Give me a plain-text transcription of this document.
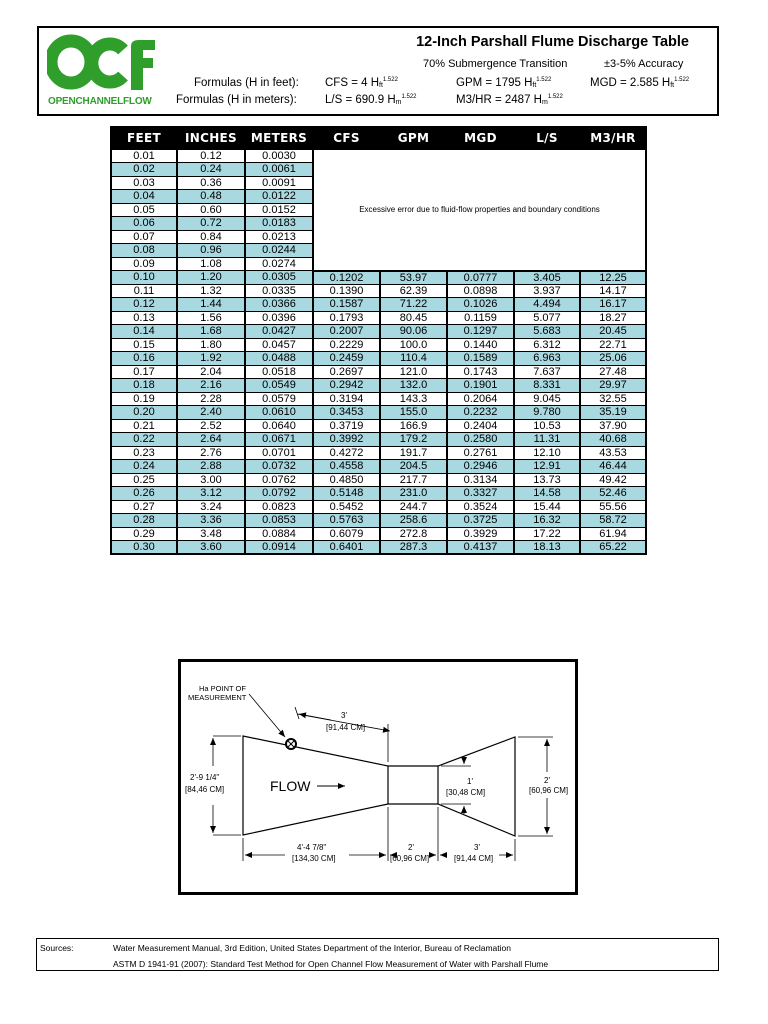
OPENCHANNELFLOW
12-Inch Parshall Flume Discharge Table
70% Submergence Transition	±3-5% Accuracy
Formulas (H in feet):
Formulas (H in meters):
CFS = 4 $H_{ft}^{1.522}$	GPM = 1795 $H_{ft}^{1.522}$	MGD = 2.585 $H_{ft}^{1.522}$
L/S = 690.9 $H_m^{1.522}$	M3/HR = 2487 $H_m^{1.522}$
FEET	INCHES	METERS	CFS	GPM	MGD	L/S	M3/HR
0.01	0.12	0.0030	Excessive error due to fluid-flow properties and boundary conditions				
0.02	0.24	0.0061					
0.03	0.36	0.0091					
0.04	0.48	0.0122					
0.05	0.60	0.0152					
0.06	0.72	0.0183					
0.07	0.84	0.0213					
0.08	0.96	0.0244					
0.09	1.08	0.0274					
0.10	1.20	0.0305	0.1202	53.97	0.0777	3.405	12.25
0.11	1.32	0.0335	0.1390	62.39	0.0898	3.937	14.17
0.12	1.44	0.0366	0.1587	71.22	0.1026	4.494	16.17
0.13	1.56	0.0396	0.1793	80.45	0.1159	5.077	18.27
0.14	1.68	0.0427	0.2007	90.06	0.1297	5.683	20.45
0.15	1.80	0.0457	0.2229	100.0	0.1440	6.312	22.71
0.16	1.92	0.0488	0.2459	110.4	0.1589	6.963	25.06
0.17	2.04	0.0518	0.2697	121.0	0.1743	7.637	27.48
0.18	2.16	0.0549	0.2942	132.0	0.1901	8.331	29.97
0.19	2.28	0.0579	0.3194	143.3	0.2064	9.045	32.55
0.20	2.40	0.0610	0.3453	155.0	0.2232	9.780	35.19
0.21	2.52	0.0640	0.3719	166.9	0.2404	10.53	37.90
0.22	2.64	0.0671	0.3992	179.2	0.2580	11.31	40.68
0.23	2.76	0.0701	0.4272	191.7	0.2761	12.10	43.53
0.24	2.88	0.0732	0.4558	204.5	0.2946	12.91	46.44
0.25	3.00	0.0762	0.4850	217.7	0.3134	13.73	49.42
0.26	3.12	0.0792	0.5148	231.0	0.3327	14.58	52.46
0.27	3.24	0.0823	0.5452	244.7	0.3524	15.44	55.56
0.28	3.36	0.0853	0.5763	258.6	0.3725	16.32	58.72
0.29	3.48	0.0884	0.6079	272.8	0.3929	17.22	61.94
0.30	3.60	0.0914	0.6401	287.3	0.4137	18.13	65.22
Ha POINT OF
MEASUREMENT
3'
[91,44 CM]
2'-9 1/4"
[84,46 CM]	FLOW	1'
[30,48 CM]
2'
[60,96 CM]
4'-4 7/8"
[134,30 CM]
2'
[60,96 CM]
3'
[91,44 CM]
Sources:	Water Measurement Manual, 3rd Edition, United States Department of the Interior, Bureau of Reclamation
ASTM D 1941-91 (2007): Standard Test Method for Open Channel Flow Measurement of Water with Parshall Flume
